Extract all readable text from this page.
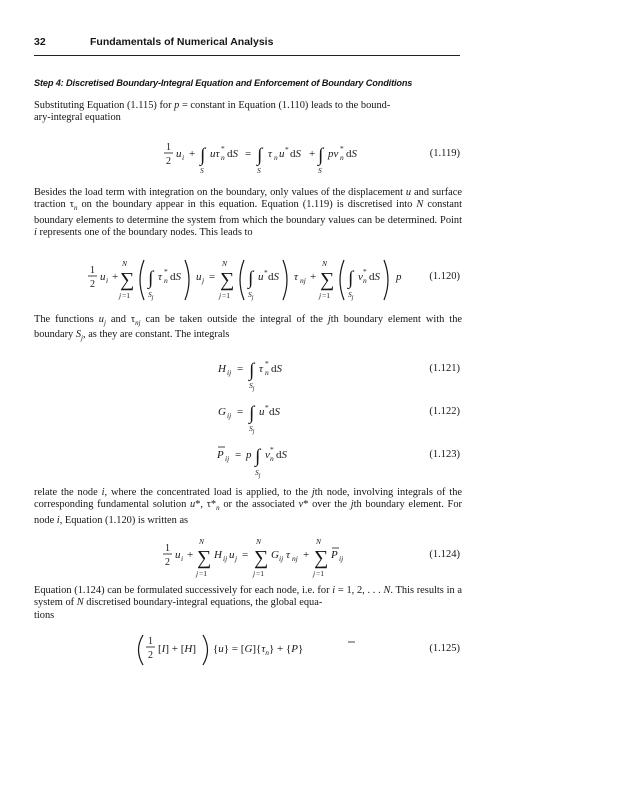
32	Fundamentals of Numerical Analysis
Step 4: Discretised Boundary-Integral Equation and Enforcement of Boundary Conditions
Substituting Equation (1.115) for p = constant in Equation (1.110) leads to the bound-
ary-integral equation
1
2
u i + ∫ uτ *
n dS = ∫ τ n u * dS + ∫ pv *
n dS
S	S	S
(1.119)
Besides the load term with integration on the boundary, only values of the displacement u and surface traction $\tau_n$ on the boundary appear in this equation. Equation (1.119) is discretised into N constant boundary elements to determine the system from which the boundary values can be determined. Point i represents one of the boundary nodes. This leads to
1
2
u i +
N
∑
j =1
∫ τ *
n dS
$S_j$
u j =
N
∑
j =1
∫ u * dS
$S_j$
τ nj +
N
∑
j =1
∫ v *
n dS
$S_j$
p	(1.120)
The functions $u_j$ and $\tau_{nj}$ can be taken outside the integral of the jth boundary element with the boundary $S_j$, as they are constant. The integrals
H ij = ∫ τ *
n dS
$S_j$
(1.121)
G ij = ∫ u * dS
$S_j$
(1.122)
P ij = p ∫ v *
n dS
$S_j$
(1.123)
relate the node i, where the concentrated load is applied, to the jth node, involving integrals of the corresponding fundamental solution u*, $\tau*_n$ or the associated v* over the jth boundary element. For node i, Equation (1.120) is written as
1
2
u i +
N
∑
j =1
H ij u j =
N
∑
j =1
G ij τ nj +
N
∑
j =1
P ij	(1.124)
Equation (1.124) can be formulated successively for each node, i.e. for i = 1, 2, . . . N. This results in a system of N discretised boundary-integral equations, the global equa-
tions
1
2
[I] + [H] $\{u\} = [G]\{\tau_n\} + \{P\}$	(1.125)
